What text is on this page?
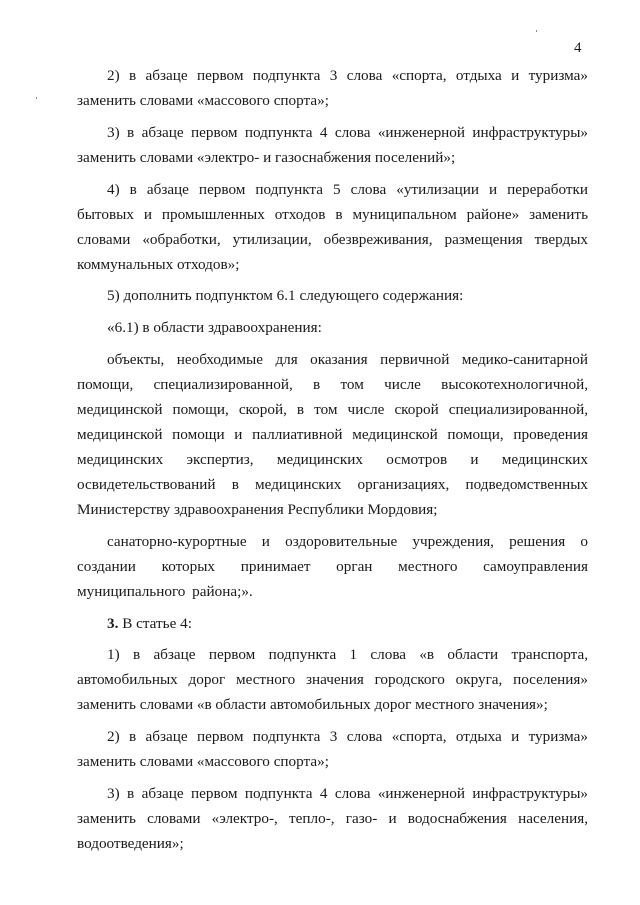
4

2) в абзаце первом подпункта 3 слова «спорта, отдыха и туризма» заменить словами «массового спорта»;

3) в абзаце первом подпункта 4 слова «инженерной инфраструктуры» заменить словами «электро- и газоснабжения поселений»;

4) в абзаце первом подпункта 5 слова «утилизации и переработки бытовых и промышленных отходов в муниципальном районе» заменить словами «обработки, утилизации, обезвреживания, размещения твердых коммунальных отходов»;

5) дополнить подпунктом 6.1 следующего содержания:

«6.1) в области здравоохранения:

объекты, необходимые для оказания первичной медико-санитарной помощи, специализированной, в том числе высокотехнологичной, медицинской помощи, скорой, в том числе скорой специализированной, медицинской помощи и паллиативной медицинской помощи, проведения медицинских экспертиз, медицинских осмотров и медицинских освидетельствований в медицинских организациях, подведомственных Министерству здравоохранения Республики Мордовия;

санаторно-курортные и оздоровительные учреждения, решения о создании которых принимает орган местного самоуправления муниципального района;».

3. В статье 4:

1) в абзаце первом подпункта 1 слова «в области транспорта, автомобильных дорог местного значения городского округа, поселения» заменить словами «в области автомобильных дорог местного значения»;

2) в абзаце первом подпункта 3 слова «спорта, отдыха и туризма» заменить словами «массового спорта»;

3) в абзаце первом подпункта 4 слова «инженерной инфраструктуры» заменить словами «электро-, тепло-, газо- и водоснабжения населения, водоотведения»;
